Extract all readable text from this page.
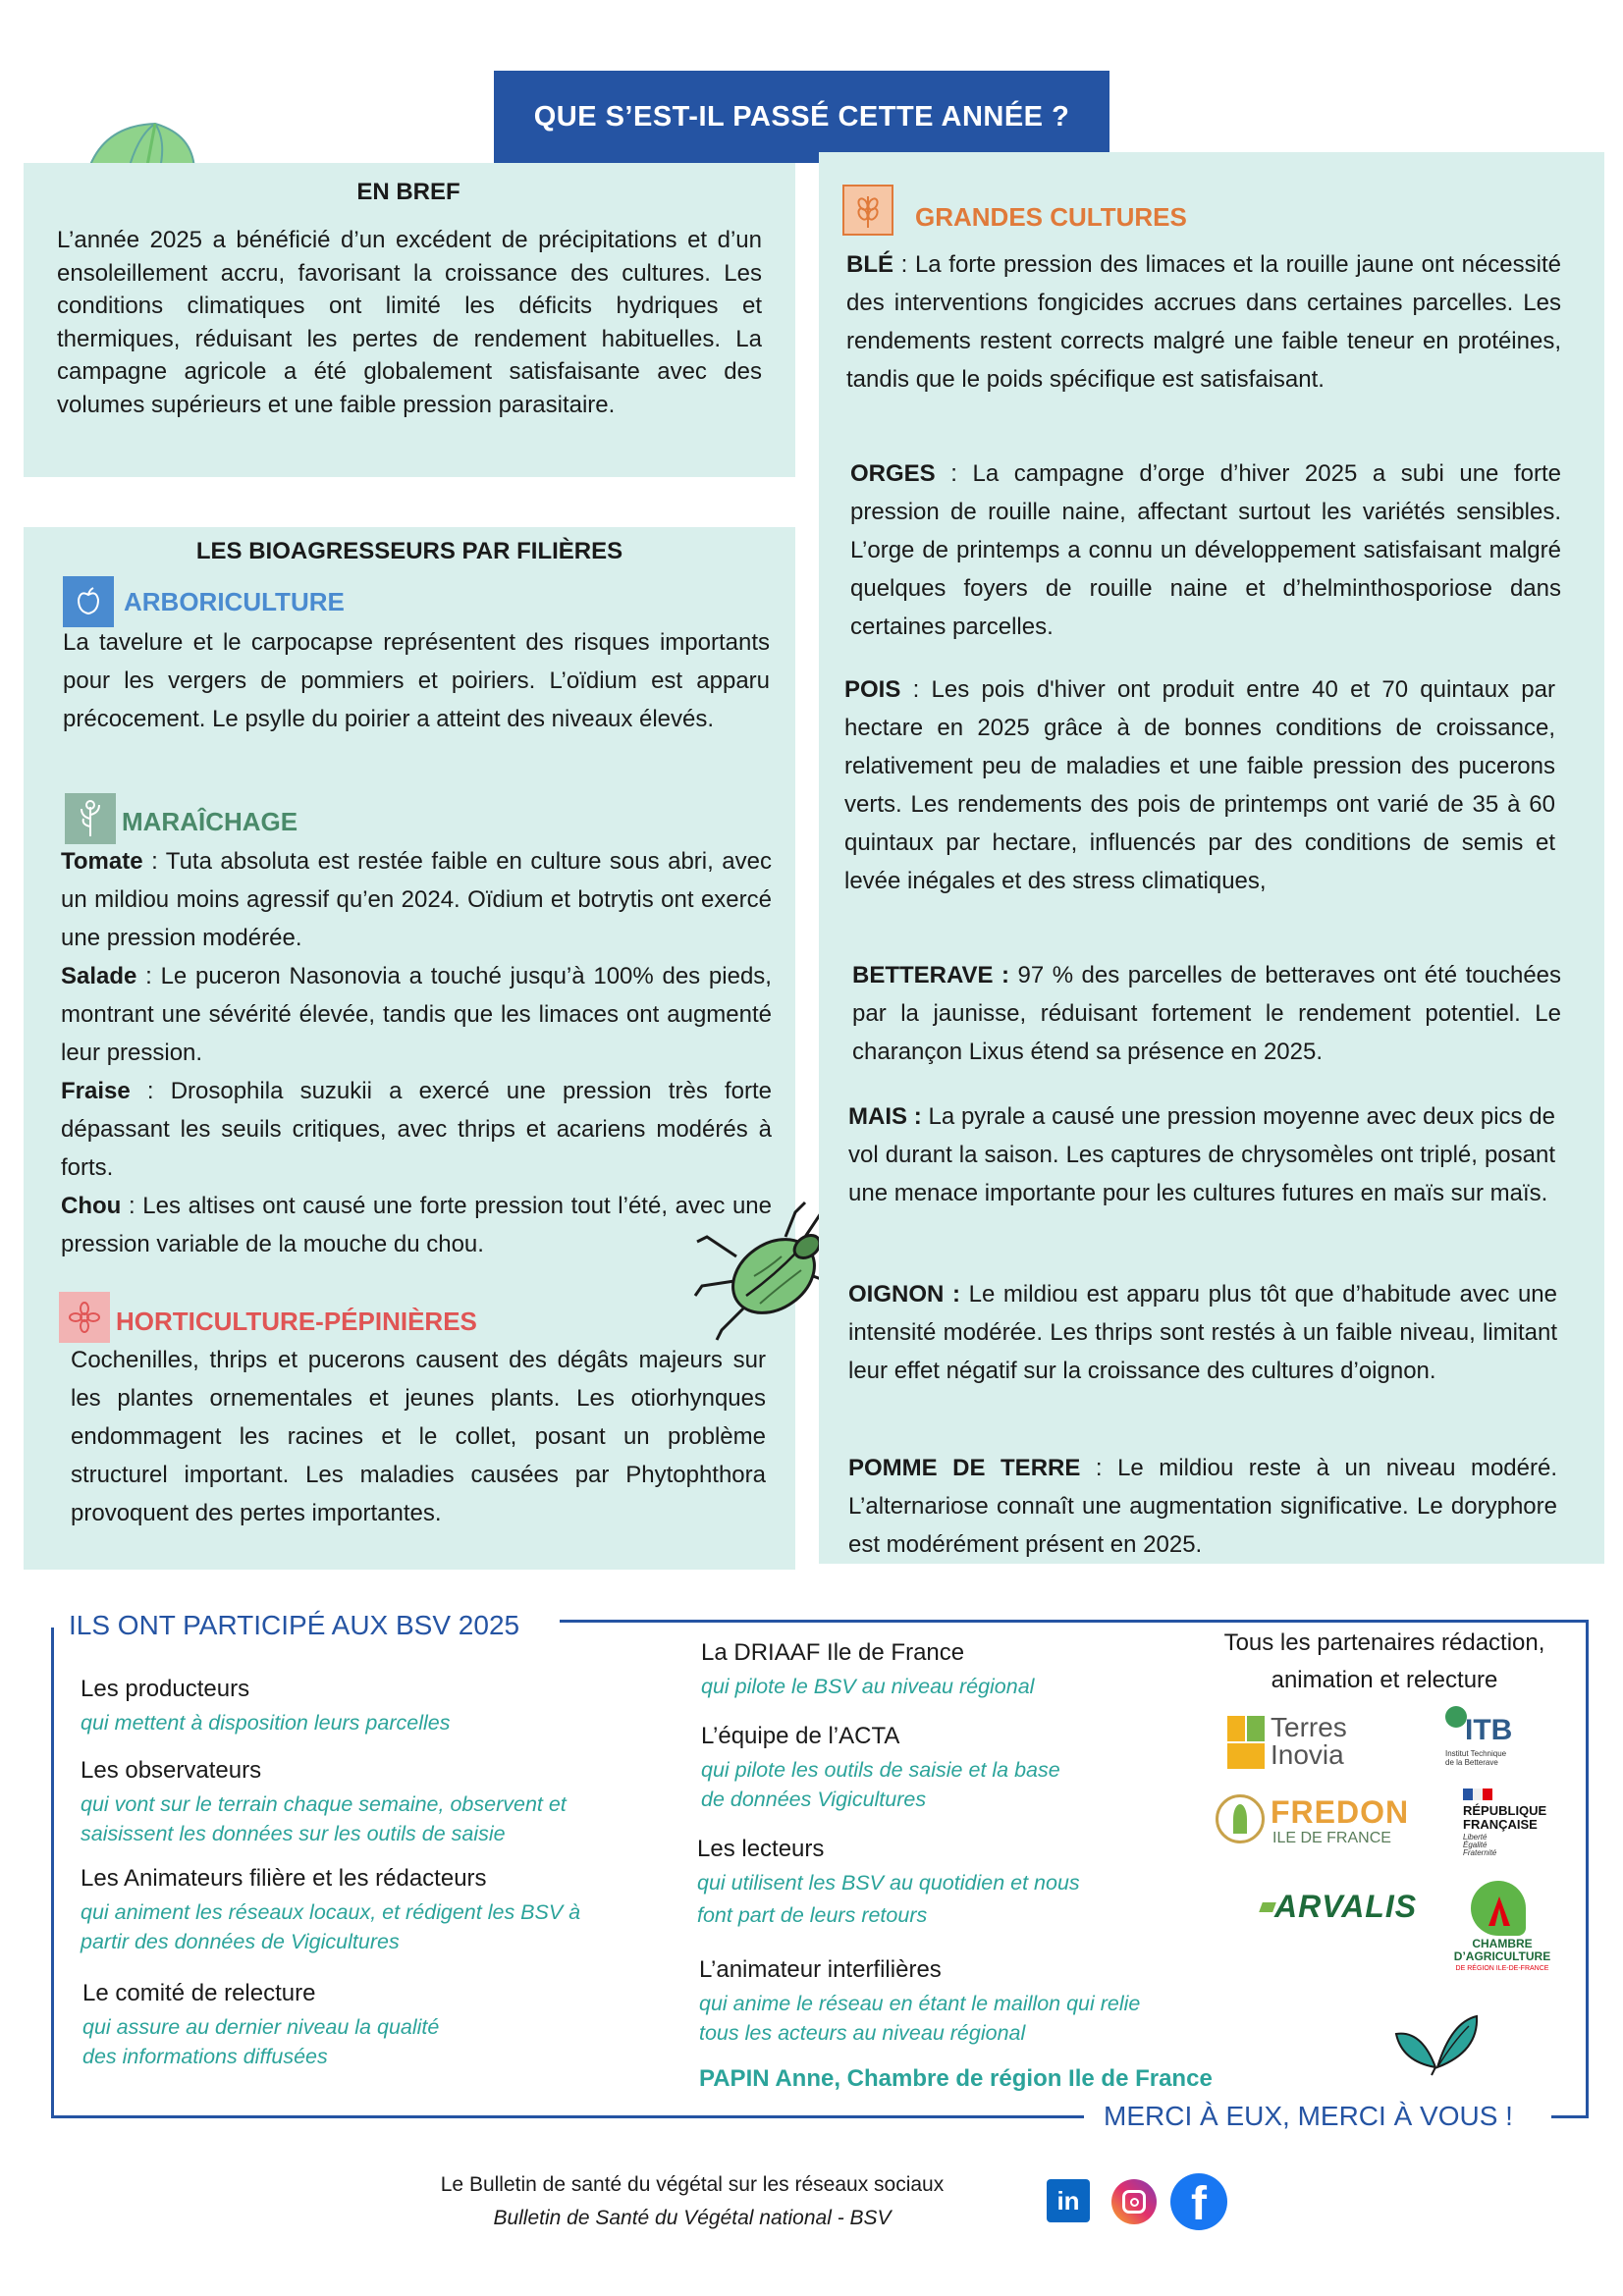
QUE S’EST-IL PASSÉ CETTE ANNÉE ?
EN BREF
L’année 2025 a bénéficié d’un excédent de précipitations et d’un ensoleillement accru, favorisant la croissance des cultures. Les conditions climatiques ont limité les déficits hydriques et thermiques, réduisant les pertes de rendement habituelles. La campagne agricole a été globalement satisfaisante avec des volumes supérieurs et une faible pression parasitaire.
LES BIOAGRESSEURS PAR FILIÈRES
ARBORICULTURE
La tavelure et le carpocapse représentent des risques importants pour les vergers de pommiers et poiriers. L’oïdium est apparu précocement. Le psylle du poirier a atteint des niveaux élevés.
MARAÎCHAGE
Tomate : Tuta absoluta est restée faible en culture sous abri, avec un mildiou moins agressif qu’en 2024. Oïdium et botrytis ont exercé une pression modérée.
Salade : Le puceron Nasonovia a touché jusqu’à 100% des pieds, montrant une sévérité élevée, tandis que les limaces ont augmenté leur pression.
Fraise : Drosophila suzukii a exercé une pression très forte dépassant les seuils critiques, avec thrips et acariens modérés à forts.
Chou : Les altises ont causé une forte pression tout l’été, avec une pression variable de la mouche du chou.
HORTICULTURE-PÉPINIÈRES
Cochenilles, thrips et pucerons causent des dégâts majeurs sur les plantes ornementales et jeunes plants. Les otiorhynques endommagent les racines et le collet, posant un problème structurel important. Les maladies causées par Phytophthora provoquent des pertes importantes.
GRANDES CULTURES
BLÉ : La forte pression des limaces et la rouille jaune ont nécessité des interventions fongicides accrues dans certaines parcelles. Les rendements restent corrects malgré une faible teneur en protéines, tandis que le poids spécifique est satisfaisant.
ORGES : La campagne d’orge d’hiver 2025 a subi une forte pression de rouille naine, affectant surtout les variétés sensibles. L’orge de printemps a connu un développement satisfaisant malgré quelques foyers de rouille naine et d’helminthosporiose dans certaines parcelles.
POIS : Les pois d'hiver ont produit entre 40 et 70 quintaux par hectare en 2025 grâce à de bonnes conditions de croissance, relativement peu de maladies et une faible pression des pucerons verts. Les rendements des pois de printemps ont varié de 35 à 60 quintaux par hectare, influencés par des conditions de semis et levée inégales et des stress climatiques,
BETTERAVE : 97 % des parcelles de betteraves ont été touchées par la jaunisse, réduisant fortement le rendement potentiel. Le charançon Lixus étend sa présence en 2025.
MAIS : La pyrale a causé une pression moyenne avec deux pics de vol durant la saison. Les captures de chrysomèles ont triplé, posant une menace importante pour les cultures futures en maïs sur maïs.
OIGNON : Le mildiou est apparu plus tôt que d’habitude avec une intensité modérée. Les thrips sont restés à un faible niveau, limitant leur effet négatif sur la croissance des cultures d’oignon.
POMME DE TERRE : Le mildiou reste à un niveau modéré. L’alternariose connaît une augmentation significative. Le doryphore est modérément présent en 2025.
ILS ONT PARTICIPÉ AUX BSV 2025
MERCI À EUX, MERCI À VOUS !
Les producteurs
qui mettent à disposition leurs parcelles
Les observateurs
qui vont sur le terrain chaque semaine, observent et
saisissent les données sur les outils de saisie
Les Animateurs filière et les rédacteurs
qui animent les réseaux locaux, et rédigent les BSV à
partir des données de Vigicultures
Le comité de relecture
qui assure au dernier niveau la qualité
des informations diffusées
La DRIAAF Ile de France
qui pilote le BSV au niveau régional
L’équipe de l’ACTA
qui pilote les outils de saisie et la base
de données Vigicultures
Les lecteurs
qui utilisent les BSV au quotidien et nous
font part de leurs retours
L’animateur interfilières
qui anime le réseau en étant le maillon qui relie
tous les acteurs au niveau régional
PAPIN Anne, Chambre de région Ile de France
Tous les partenaires rédaction,
animation et relecture
Terres
Inovia
ITB
Institut Technique
de la Betterave
FREDON
ILE DE FRANCE
RÉPUBLIQUE
FRANÇAISE
Liberté
Égalité
Fraternité
ARVALIS
CHAMBRE
D’AGRICULTURE
DE RÉGION ILE-DE-FRANCE
Le Bulletin de santé du végétal sur les réseaux sociaux
Bulletin de Santé du Végétal national - BSV
in	f
